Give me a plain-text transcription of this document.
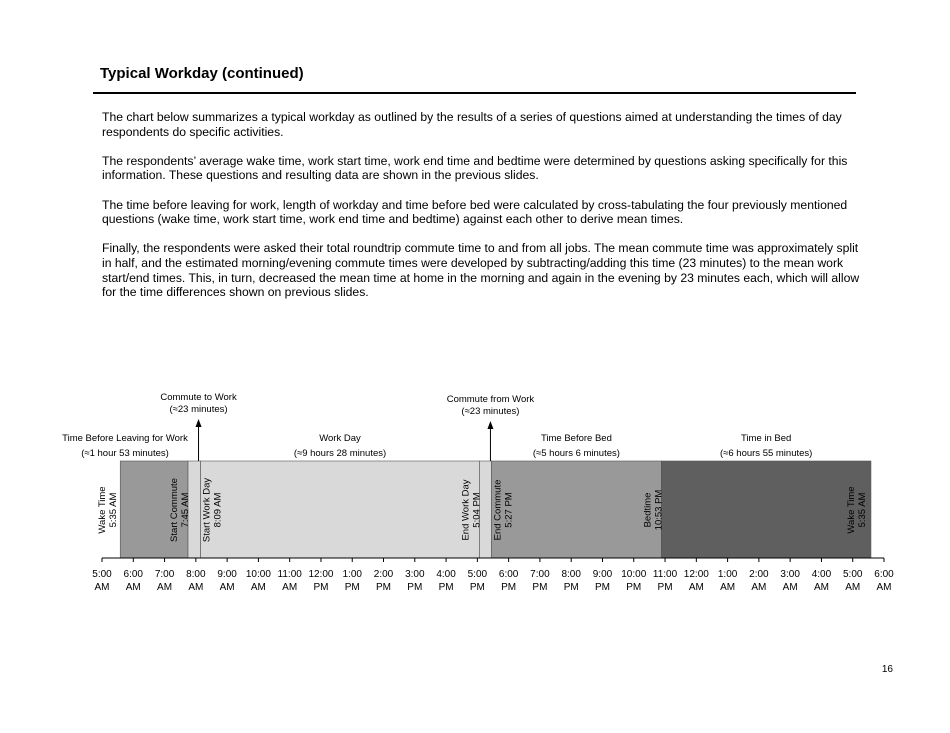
Typical Workday (continued)

The chart below summarizes a typical workday as outlined by the results of a series of questions aimed at understanding the times of day respondents do specific activities.

The respondents’ average wake time, work start time, work end time and bedtime were determined by questions asking specifically for this information. These questions and resulting data are shown in the previous slides.

The time before leaving for work, length of workday and time before bed were calculated by cross-tabulating the four previously mentioned questions (wake time, work start time, work end time and bedtime) against each other to derive mean times.

Finally, the respondents were asked their total roundtrip commute time to and from all jobs. The mean commute time was approximately split in half, and the estimated morning/evening commute times were developed by subtracting/adding this time (23 minutes) to the mean work start/end times. This, in turn, decreased the mean time at home in the morning and again in the evening by 23 minutes each, which will allow for the time differences shown on previous slides.

Time Before Leaving for Work
(≈1 hour 53 minutes)
Commute to Work
(≈23 minutes)
Work Day
(≈9 hours 28 minutes)
Commute from Work
(≈23 minutes)
Time Before Bed
(≈5 hours 6 minutes)
Time in Bed
(≈6 hours 55 minutes)
Wake Time 5:35 AM	Start Commute 7:45 AM Start Work Day 8:09 AM	End Work Day 5:04 PM End Commute 5:27 PM	Bedtime 10:53 PM	Wake Time 5:35 AM
5:00
AM
6:00
AM
7:00
AM
8:00
AM
9:00
AM
10:00
AM
11:00
AM
12:00
PM
1:00
PM
2:00
PM
3:00
PM
4:00
PM
5:00
PM
6:00
PM
7:00
PM
8:00
PM
9:00
PM
10:00
PM
11:00
PM
12:00
AM
1:00
AM
2:00
AM
3:00
AM
4:00
AM
5:00
AM
6:00
AM
16
